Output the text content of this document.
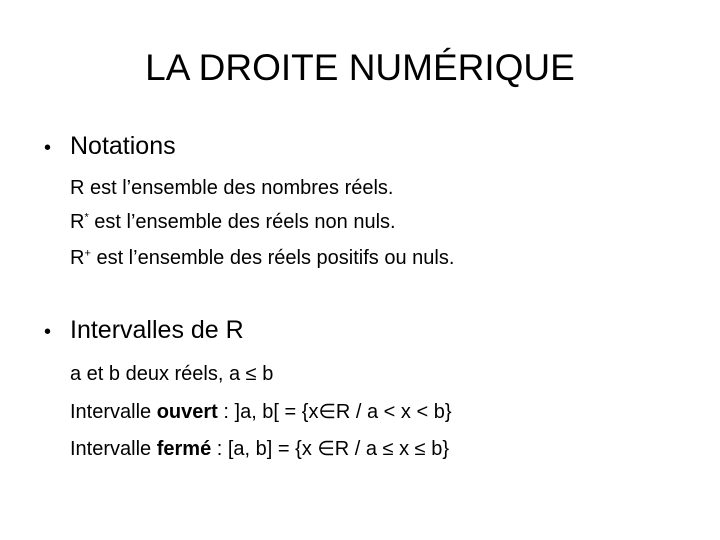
LA DROITE NUMÉRIQUE
• Notations
R est l’ensemble des nombres réels.
R* est l’ensemble des réels non nuls.
R+ est l’ensemble des réels positifs ou nuls.
• Intervalles de R
a et b deux réels, a ≤ b
Intervalle ouvert : ]a, b[ = {x∈R / a < x < b}
Intervalle fermé : [a, b] = {x ∈R / a ≤ x ≤ b}
